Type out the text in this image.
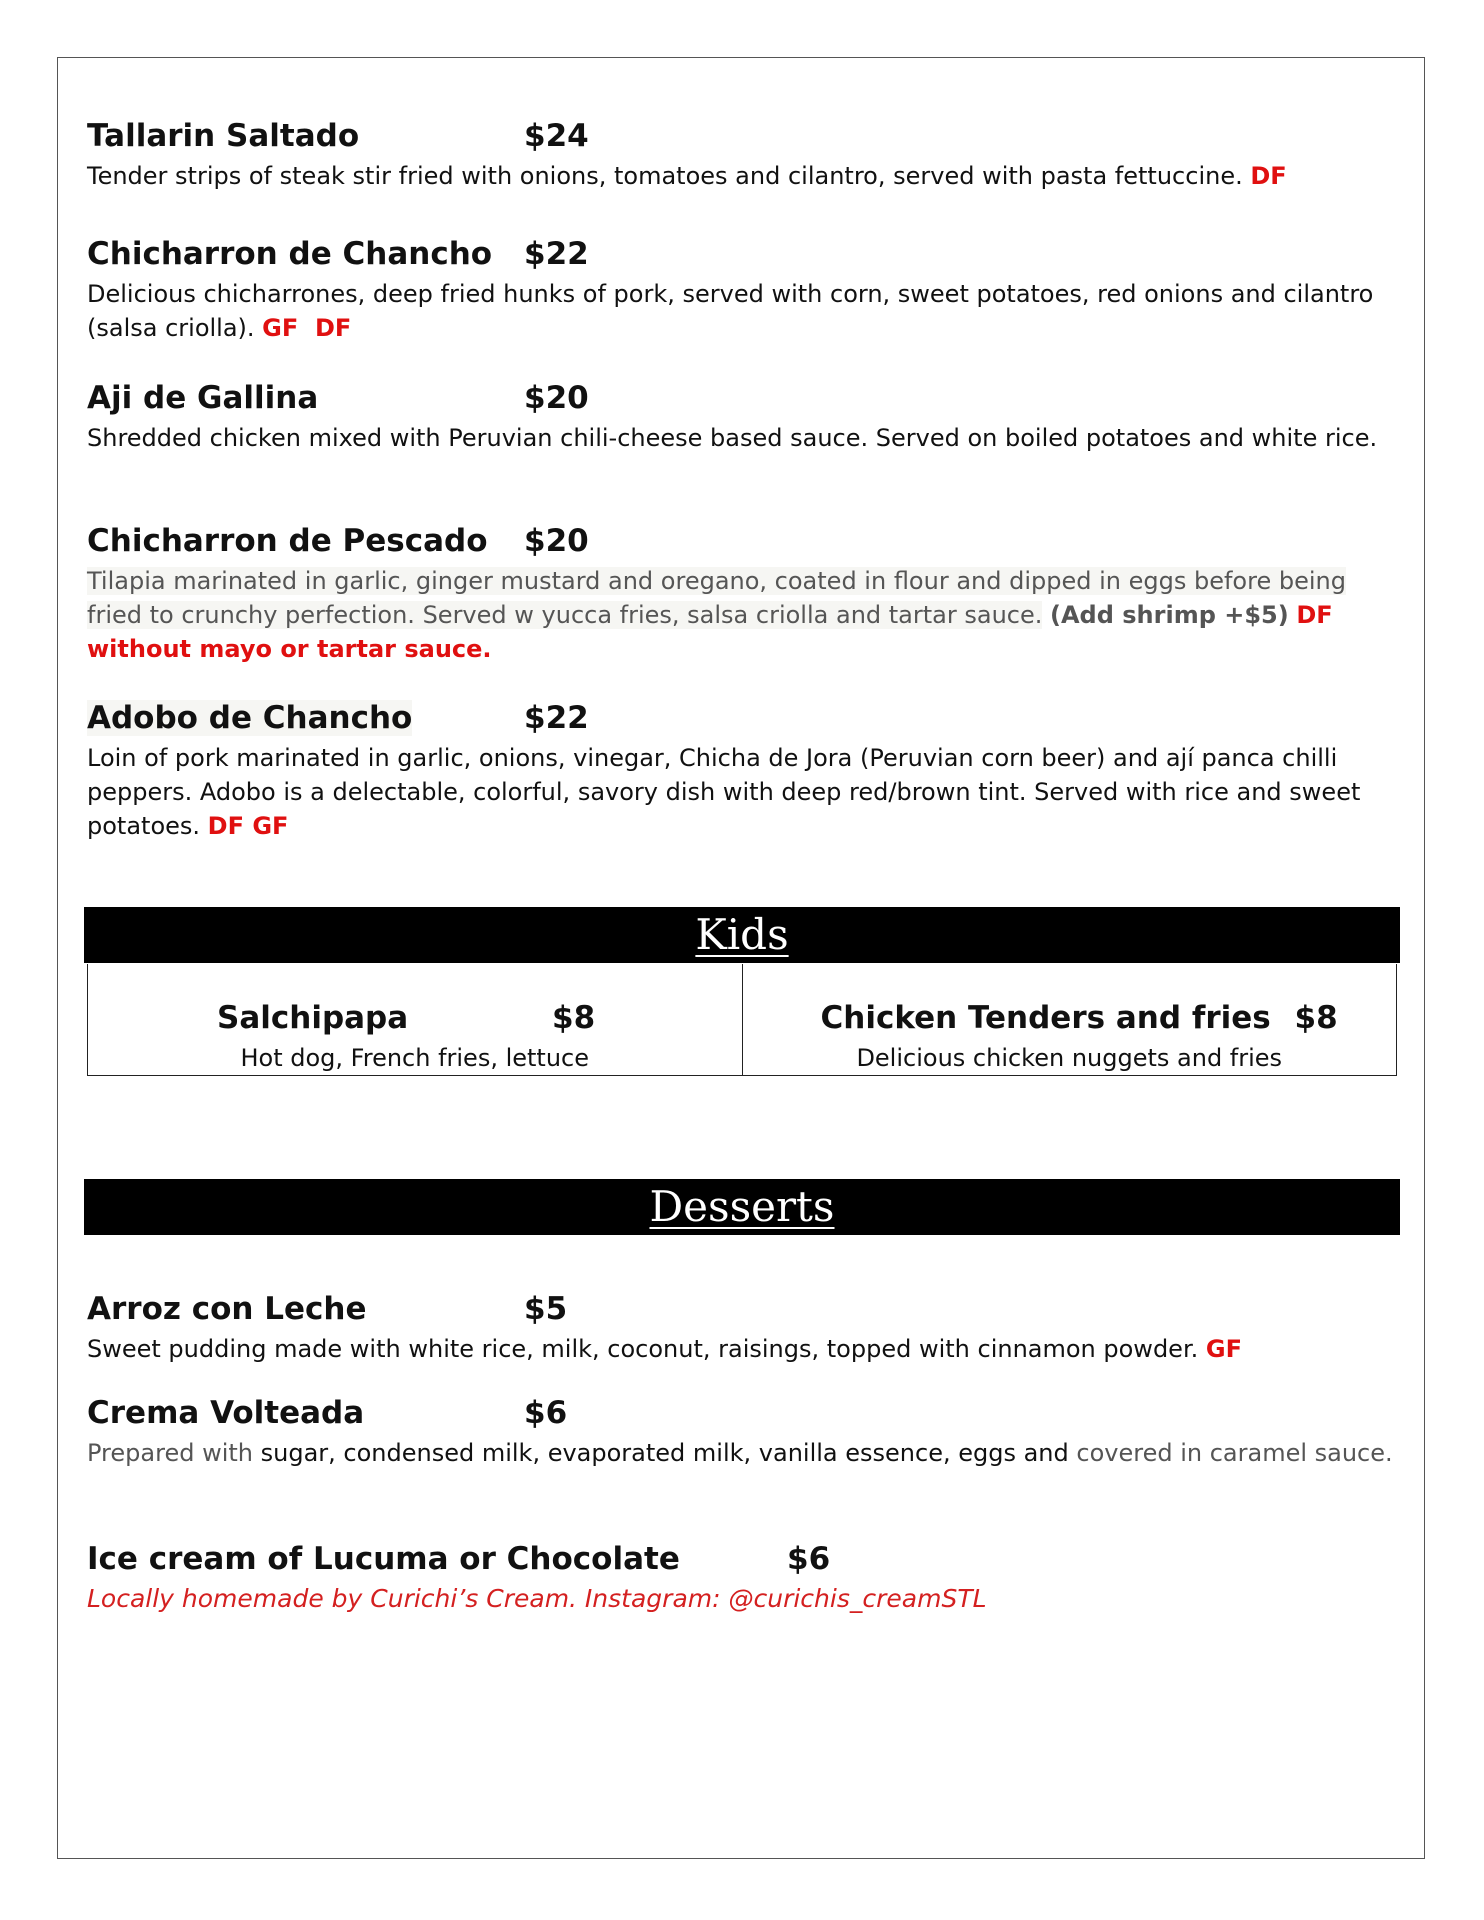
Tallarin Saltado	$24
Tender strips of steak stir fried with onions, tomatoes and cilantro, served with pasta fettuccine. DF
Chicharron de Chancho $22
Delicious chicharrones, deep fried hunks of pork, served with corn, sweet potatoes, red onions and cilantro (salsa criolla). GF  DF
Aji de Gallina	$20
Shredded chicken mixed with Peruvian chili-cheese based sauce. Served on boiled potatoes and white rice.
Chicharron de Pescado $20
Tilapia marinated in garlic, ginger mustard and oregano, coated in flour and dipped in eggs before being fried to crunchy perfection. Served w yucca fries, salsa criolla and tartar sauce. (Add shrimp +$5) DF without mayo or tartar sauce.
Adobo de Chancho	$22
Loin of pork marinated in garlic, onions, vinegar, Chicha de Jora (Peruvian corn beer) and ají panca chilli peppers. Adobo is a delectable, colorful, savory dish with deep red/brown tint. Served with rice and sweet potatoes. DF GF
Kids
Salchipapa	$8
Hot dog, French fries, lettuce
Chicken Tenders and fries $8
Delicious chicken nuggets and fries
Desserts
Arroz con Leche	$5
Sweet pudding made with white rice, milk, coconut, raisings, topped with cinnamon powder. GF
Crema Volteada	$6
Prepared with sugar, condensed milk, evaporated milk, vanilla essence, eggs and covered in caramel sauce.
Ice cream of Lucuma or Chocolate	$6
Locally homemade by Curichi’s Cream. Instagram: @curichis_creamSTL
